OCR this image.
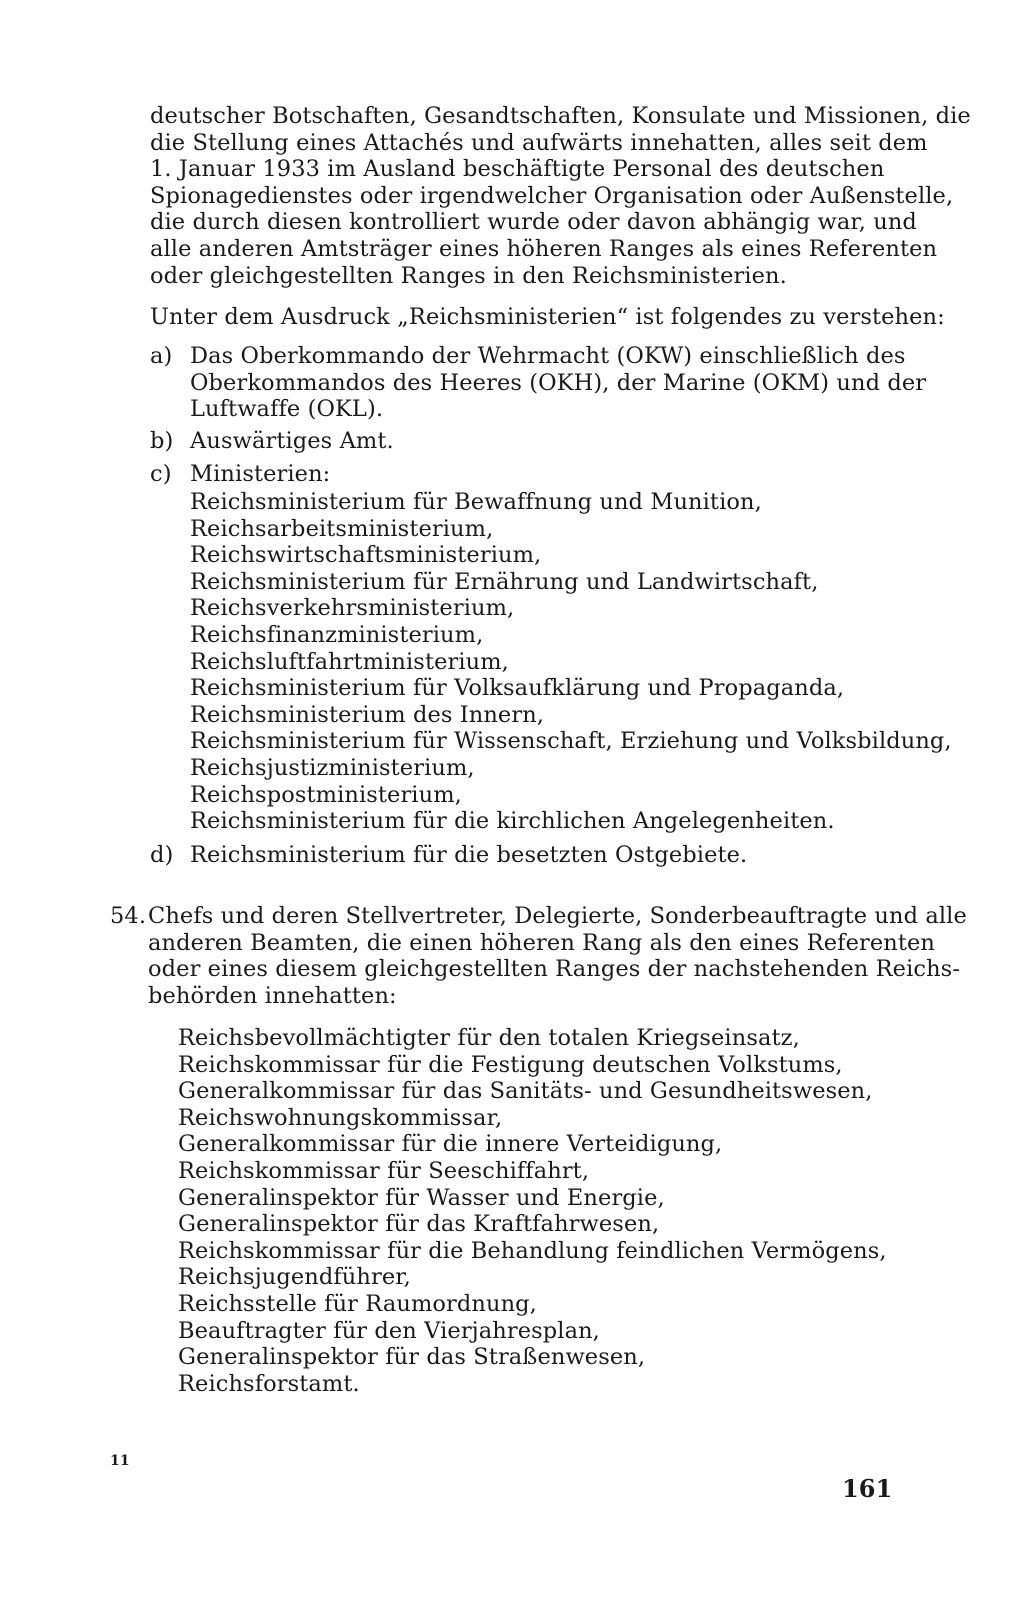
deutscher Botschaften, Gesandtschaften, Konsulate und Missionen, die
die Stellung eines Attachés und aufwärts innehatten, alles seit dem
1. Januar 1933 im Ausland beschäftigte Personal des deutschen
Spionagedienstes oder irgendwelcher Organisation oder Außenstelle,
die durch diesen kontrolliert wurde oder davon abhängig war, und
alle anderen Amtsträger eines höheren Ranges als eines Referenten
oder gleichgestellten Ranges in den Reichsministerien.
Unter dem Ausdruck „Reichsministerien“ ist folgendes zu verstehen:
a) Das Oberkommando der Wehrmacht (OKW) einschließlich des
Oberkommandos des Heeres (OKH), der Marine (OKM) und der
Luftwaffe (OKL).
b) Auswärtiges Amt.
c) Ministerien:
Reichsministerium für Bewaffnung und Munition,
Reichsarbeitsministerium,
Reichswirtschaftsministerium,
Reichsministerium für Ernährung und Landwirtschaft,
Reichsverkehrsministerium,
Reichsfinanzministerium,
Reichsluftfahrtministerium,
Reichsministerium für Volksaufklärung und Propaganda,
Reichsministerium des Innern,
Reichsministerium für Wissenschaft, Erziehung und Volksbildung,
Reichsjustizministerium,
Reichspostministerium,
Reichsministerium für die kirchlichen Angelegenheiten.
d) Reichsministerium für die besetzten Ostgebiete.
54. Chefs und deren Stellvertreter, Delegierte, Sonderbeauftragte und alle
anderen Beamten, die einen höheren Rang als den eines Referenten
oder eines diesem gleichgestellten Ranges der nachstehenden Reichs-
behörden innehatten:
Reichsbevollmächtigter für den totalen Kriegseinsatz,
Reichskommissar für die Festigung deutschen Volkstums,
Generalkommissar für das Sanitäts- und Gesundheitswesen,
Reichswohnungskommissar,
Generalkommissar für die innere Verteidigung,
Reichskommissar für Seeschiffahrt,
Generalinspektor für Wasser und Energie,
Generalinspektor für das Kraftfahrwesen,
Reichskommissar für die Behandlung feindlichen Vermögens,
Reichsjugendführer,
Reichsstelle für Raumordnung,
Beauftragter für den Vierjahresplan,
Generalinspektor für das Straßenwesen,
Reichsforstamt.
11
161
